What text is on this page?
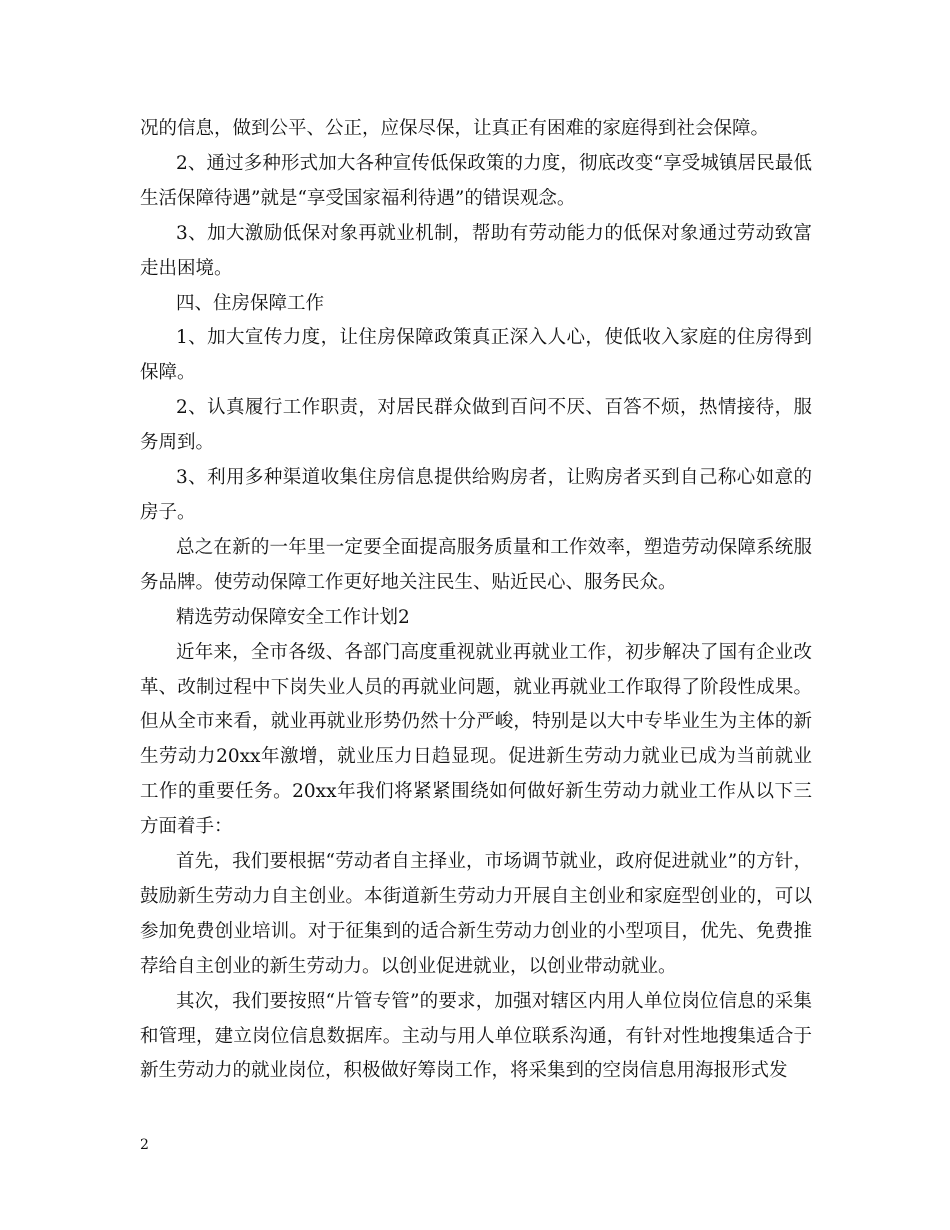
况的信息，做到公平、公正，应保尽保，让真正有困难的家庭得到社会保障。

2、通过多种形式加大各种宣传低保政策的力度，彻底改变“享受城镇居民最低生活保障待遇”就是“享受国家福利待遇”的错误观念。

3、加大激励低保对象再就业机制，帮助有劳动能力的低保对象通过劳动致富走出困境。

四、住房保障工作

1、加大宣传力度，让住房保障政策真正深入人心，使低收入家庭的住房得到保障。

2、认真履行工作职责，对居民群众做到百问不厌、百答不烦，热情接待，服务周到。

3、利用多种渠道收集住房信息提供给购房者，让购房者买到自己称心如意的房子。

总之在新的一年里一定要全面提高服务质量和工作效率，塑造劳动保障系统服务品牌。使劳动保障工作更好地关注民生、贴近民心、服务民众。

精选劳动保障安全工作计划2

近年来，全市各级、各部门高度重视就业再就业工作，初步解决了国有企业改革、改制过程中下岗失业人员的再就业问题，就业再就业工作取得了阶段性成果。但从全市来看，就业再就业形势仍然十分严峻，特别是以大中专毕业生为主体的新生劳动力20xx年激增，就业压力日趋显现。促进新生劳动力就业已成为当前就业工作的重要任务。20xx年我们将紧紧围绕如何做好新生劳动力就业工作从以下三方面着手：

首先，我们要根据“劳动者自主择业，市场调节就业，政府促进就业”的方针，鼓励新生劳动力自主创业。本街道新生劳动力开展自主创业和家庭型创业的，可以参加免费创业培训。对于征集到的适合新生劳动力创业的小型项目，优先、免费推荐给自主创业的新生劳动力。以创业促进就业，以创业带动就业。

其次，我们要按照“片管专管”的要求，加强对辖区内用人单位岗位信息的采集和管理，建立岗位信息数据库。主动与用人单位联系沟通，有针对性地搜集适合于新生劳动力的就业岗位，积极做好筹岗工作，将采集到的空岗信息用海报形式发

2
